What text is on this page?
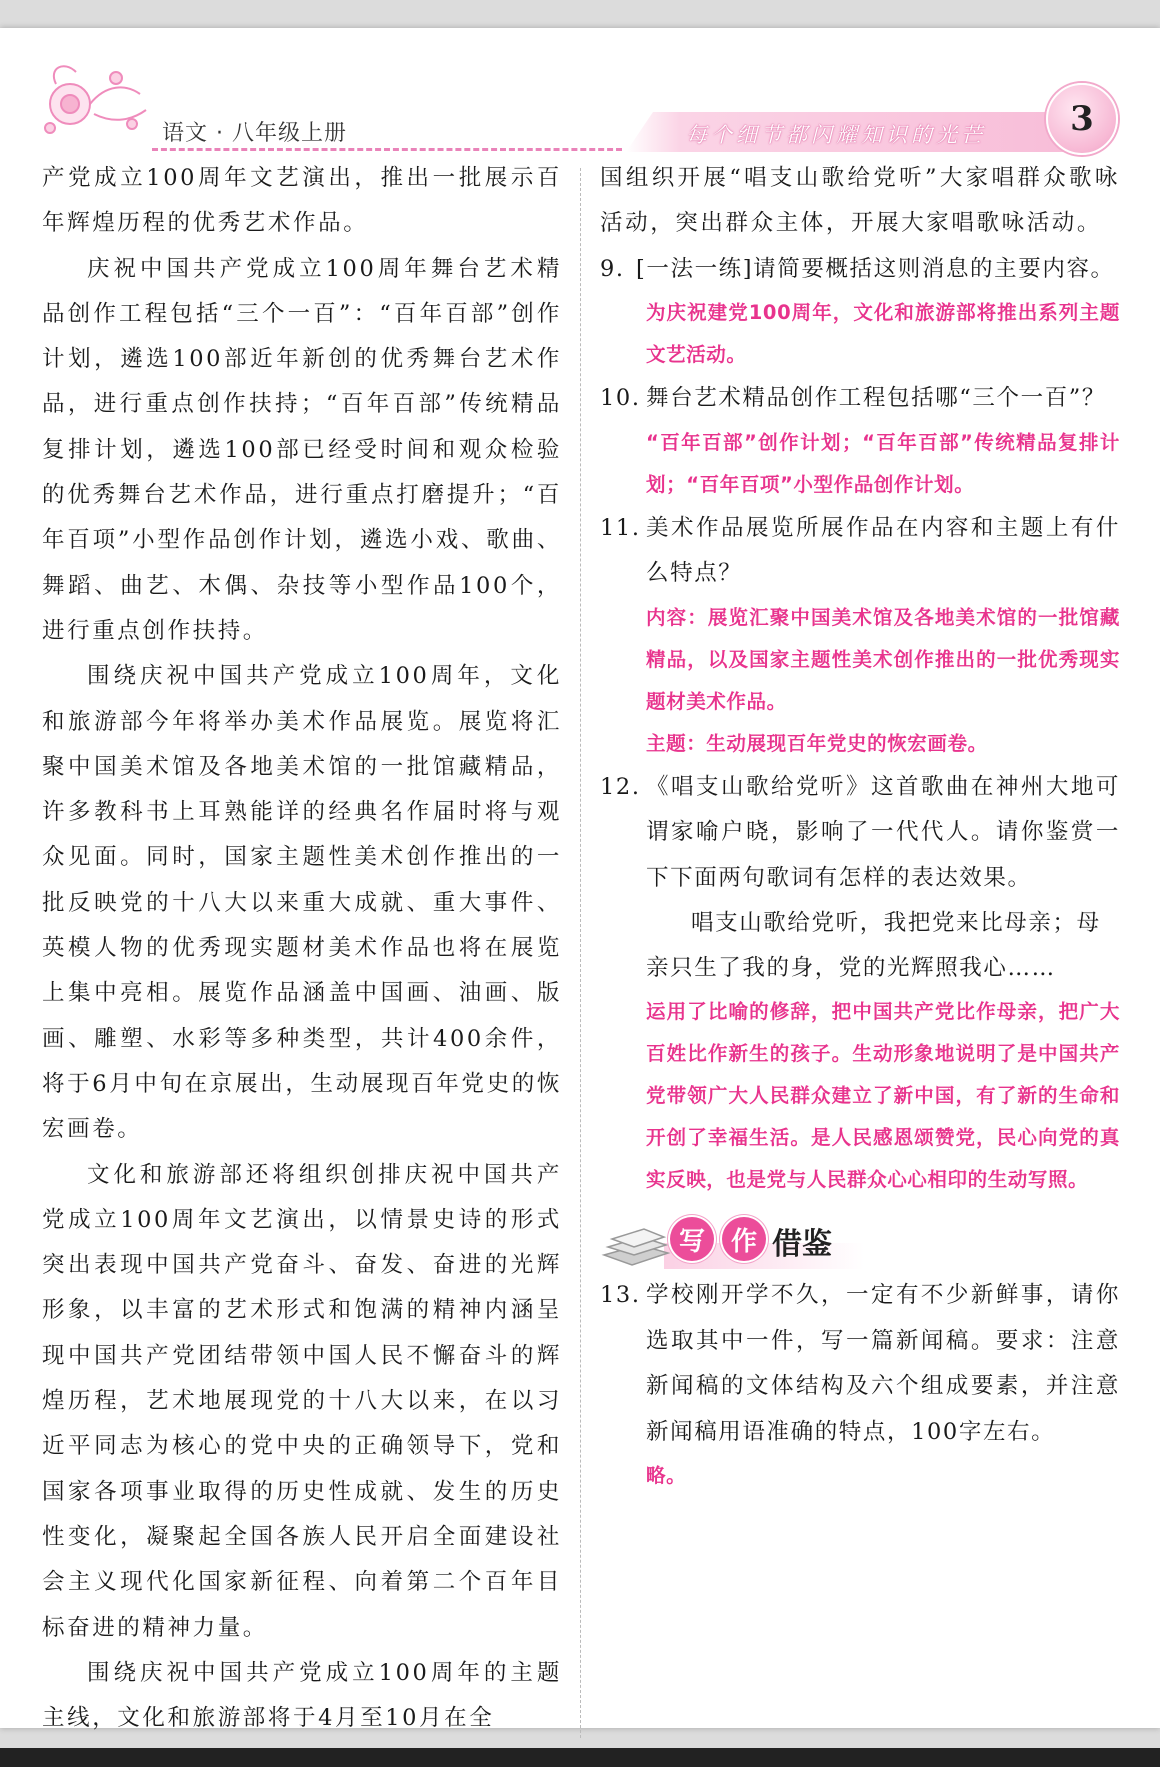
语文 · 八年级上册	每个细节都闪耀知识的光芒	3

产党成立100周年文艺演出，推出一批展示百年辉煌历程的优秀艺术作品。

庆祝中国共产党成立100周年舞台艺术精品创作工程包括“三个一百”：“百年百部”创作计划，遴选100部近年新创的优秀舞台艺术作品，进行重点创作扶持；“百年百部”传统精品复排计划，遴选100部已经受时间和观众检验的优秀舞台艺术作品，进行重点打磨提升；“百年百项”小型作品创作计划，遴选小戏、歌曲、舞蹈、曲艺、木偶、杂技等小型作品100个，进行重点创作扶持。

围绕庆祝中国共产党成立100周年，文化和旅游部今年将举办美术作品展览。展览将汇聚中国美术馆及各地美术馆的一批馆藏精品，许多教科书上耳熟能详的经典名作届时将与观众见面。同时，国家主题性美术创作推出的一批反映党的十八大以来重大成就、重大事件、英模人物的优秀现实题材美术作品也将在展览上集中亮相。展览作品涵盖中国画、油画、版画、雕塑、水彩等多种类型，共计400余件，将于6月中旬在京展出，生动展现百年党史的恢宏画卷。

文化和旅游部还将组织创排庆祝中国共产党成立100周年文艺演出，以情景史诗的形式突出表现中国共产党奋斗、奋发、奋进的光辉形象，以丰富的艺术形式和饱满的精神内涵呈现中国共产党团结带领中国人民不懈奋斗的辉煌历程，艺术地展现党的十八大以来，在以习近平同志为核心的党中央的正确领导下，党和国家各项事业取得的历史性成就、发生的历史性变化，凝聚起全国各族人民开启全面建设社会主义现代化国家新征程、向着第二个百年目标奋进的精神力量。

围绕庆祝中国共产党成立100周年的主题主线，文化和旅游部将于4月至10月在全

国组织开展“唱支山歌给党听”大家唱群众歌咏活动，突出群众主体，开展大家唱歌咏活动。

9. [一法一练]请简要概括这则消息的主要内容。

为庆祝建党100周年，文化和旅游部将推出系列主题文艺活动。

10. 舞台艺术精品创作工程包括哪“三个一百”？

“百年百部”创作计划；“百年百部”传统精品复排计划；“百年百项”小型作品创作计划。

11. 美术作品展览所展作品在内容和主题上有什么特点？

内容：展览汇聚中国美术馆及各地美术馆的一批馆藏精品，以及国家主题性美术创作推出的一批优秀现实题材美术作品。

主题：生动展现百年党史的恢宏画卷。

12. 《唱支山歌给党听》这首歌曲在神州大地可谓家喻户晓，影响了一代代人。请你鉴赏一下下面两句歌词有怎样的表达效果。

唱支山歌给党听，我把党来比母亲；母亲只生了我的身，党的光辉照我心……

运用了比喻的修辞，把中国共产党比作母亲，把广大百姓比作新生的孩子。生动形象地说明了是中国共产党带领广大人民群众建立了新中国，有了新的生命和开创了幸福生活。是人民感恩颂赞党，民心向党的真实反映，也是党与人民群众心心相印的生动写照。

写 作 借鉴
13. 学校刚开学不久，一定有不少新鲜事，请你选取其中一件，写一篇新闻稿。要求：注意新闻稿的文体结构及六个组成要素，并注意新闻稿用语准确的特点，100字左右。

略。
